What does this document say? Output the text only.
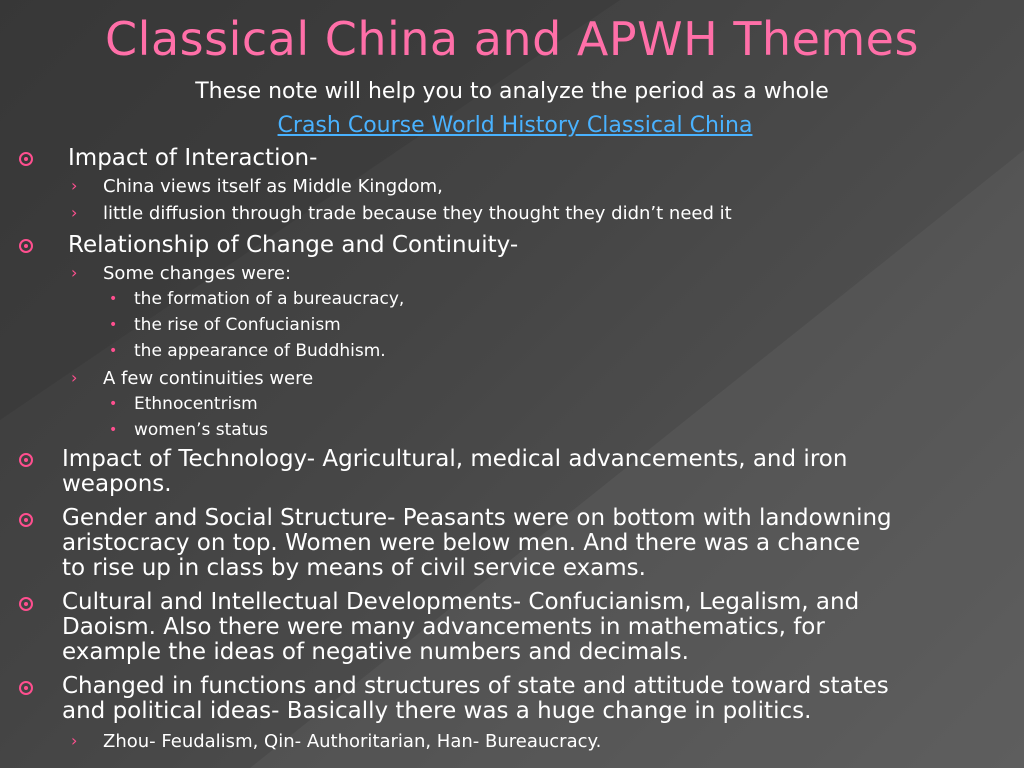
Classical China and APWH Themes
These note will help you to analyze the period as a whole
Crash Course World History Classical China
Impact of Interaction-
› China views itself as Middle Kingdom,
› little diffusion through trade because they thought they didn’t need it
Relationship of Change and Continuity-
› Some changes were:
• the formation of a bureaucracy,
• the rise of Confucianism
• the appearance of Buddhism.
› A few continuities were
• Ethnocentrism
• women’s status
Impact of Technology- Agricultural, medical advancements, and iron
weapons.
Gender and Social Structure- Peasants were on bottom with landowning
aristocracy on top. Women were below men. And there was a chance
to rise up in class by means of civil service exams.
Cultural and Intellectual Developments- Confucianism, Legalism, and
Daoism. Also there were many advancements in mathematics, for
example the ideas of negative numbers and decimals.
Changed in functions and structures of state and attitude toward states
and political ideas- Basically there was a huge change in politics.
› Zhou- Feudalism, Qin- Authoritarian, Han- Bureaucracy.
